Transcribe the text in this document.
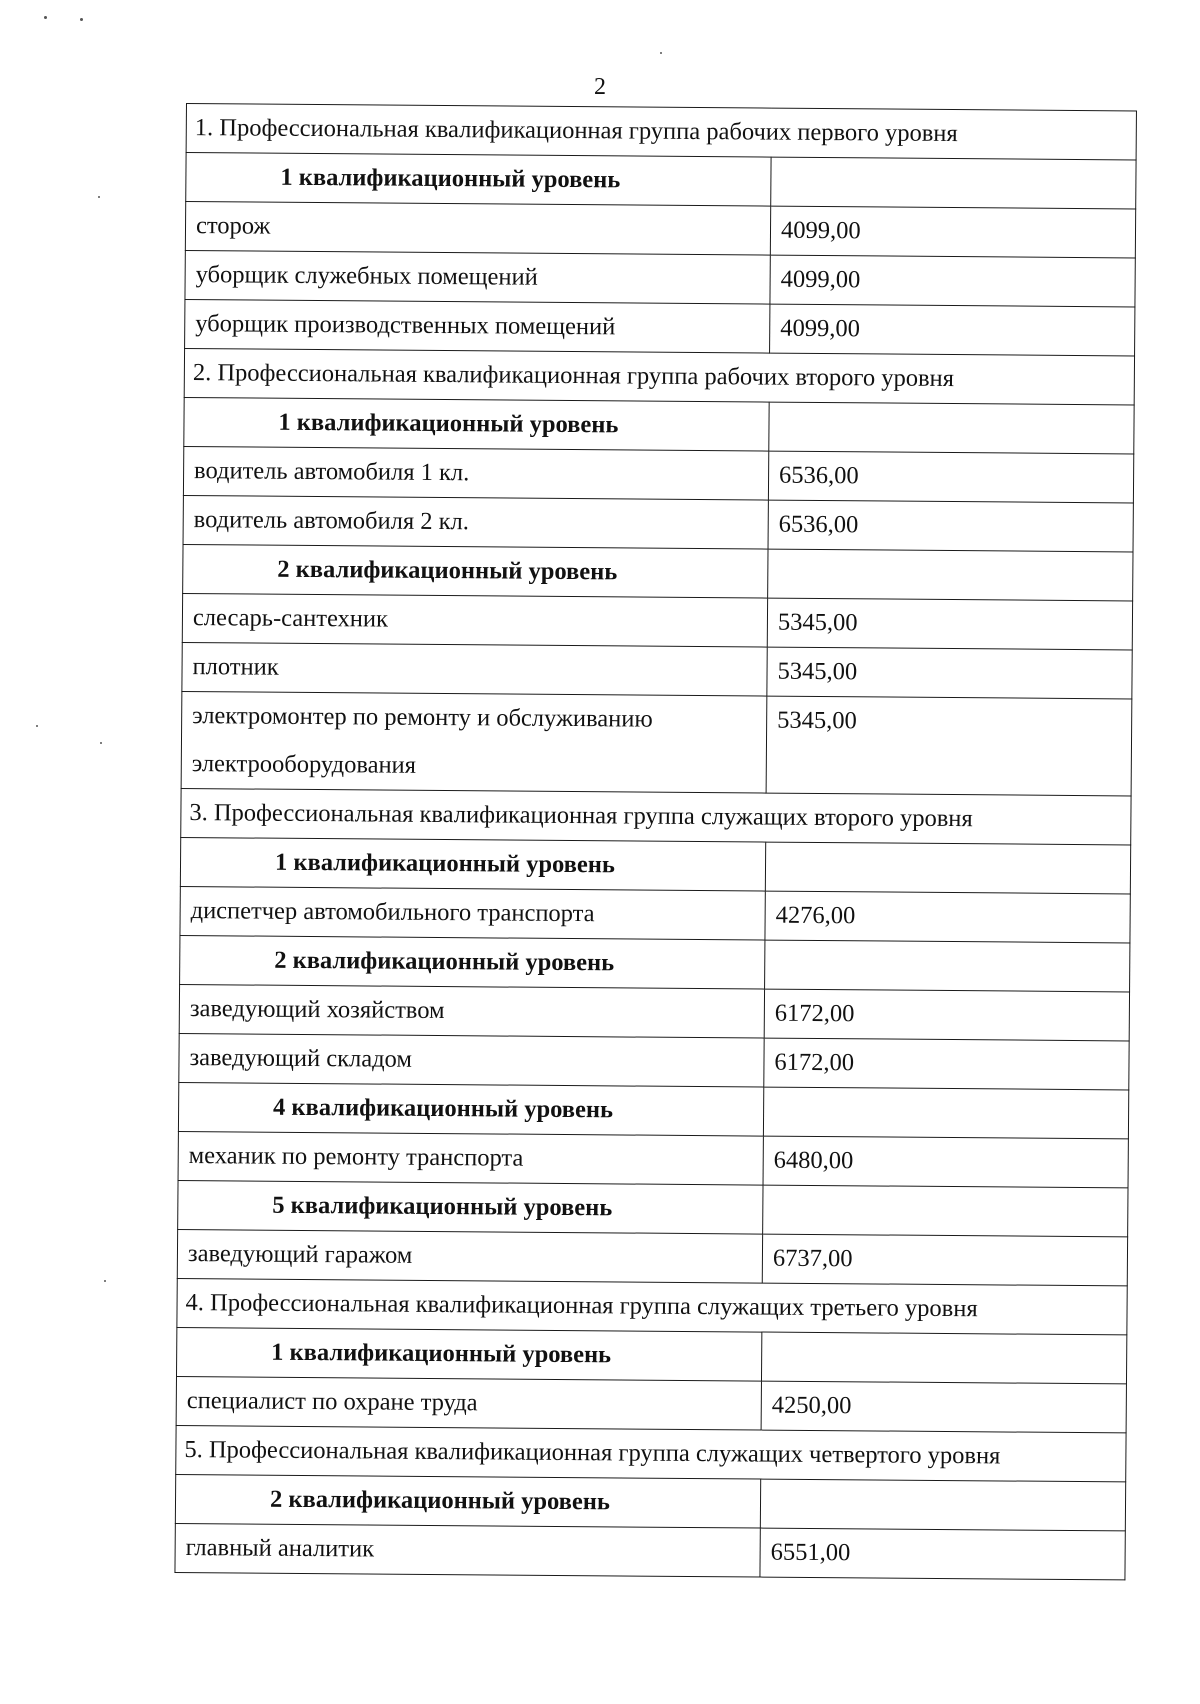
2
1. Профессиональная квалификационная группа рабочих первого уровня	
1 квалификационный уровень	
сторож	4099,00
уборщик служебных помещений	4099,00
уборщик производственных помещений	4099,00
2. Профессиональная квалификационная группа рабочих второго уровня	
1 квалификационный уровень	
водитель автомобиля 1 кл.	6536,00
водитель автомобиля 2 кл.	6536,00
2 квалификационный уровень	
слесарь-сантехник	5345,00
плотник	5345,00
электромонтер по ремонту и обслуживанию электрооборудования	5345,00
3. Профессиональная квалификационная группа служащих второго уровня	
1 квалификационный уровень	
диспетчер автомобильного транспорта	4276,00
2 квалификационный уровень	
заведующий хозяйством	6172,00
заведующий складом	6172,00
4 квалификационный уровень	
механик по ремонту транспорта	6480,00
5 квалификационный уровень	
заведующий гаражом	6737,00
4. Профессиональная квалификационная группа служащих третьего уровня	
1 квалификационный уровень	
специалист по охране труда	4250,00
5. Профессиональная квалификационная группа служащих четвертого уровня	
2 квалификационный уровень	
главный аналитик	6551,00
